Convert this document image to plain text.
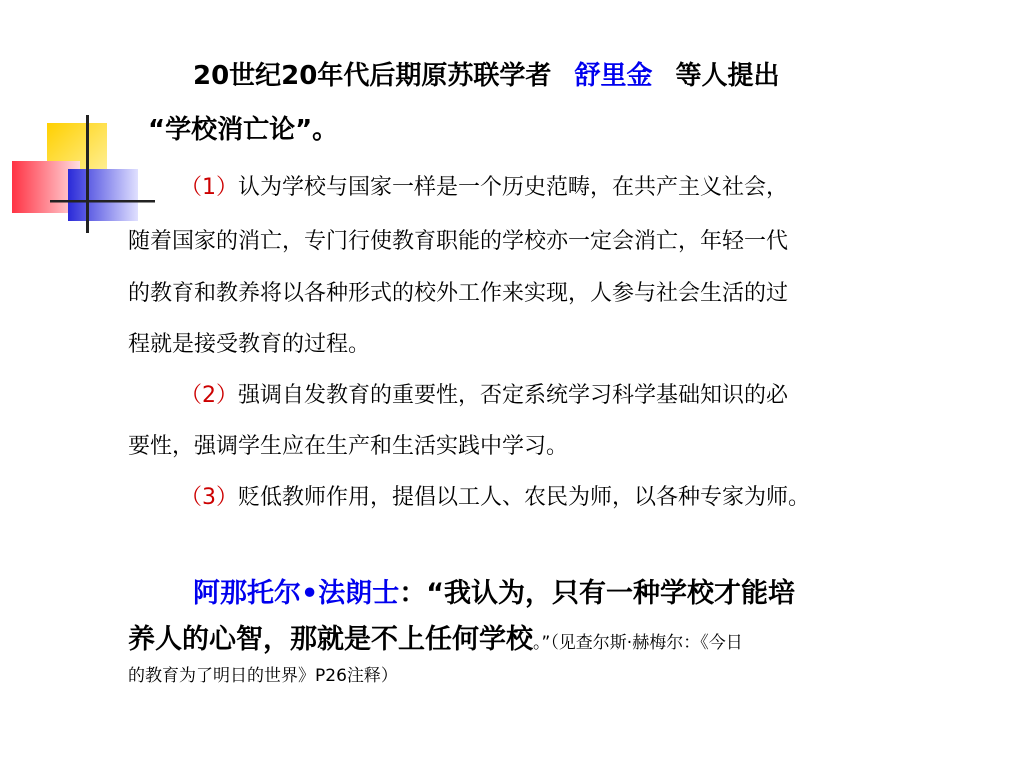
20世纪20年代后期原苏联学者 舒里金 等人提出
“学校消亡论”。
（1）认为学校与国家一样是一个历史范畴，在共产主义社会，
随着国家的消亡，专门行使教育职能的学校亦一定会消亡，年轻一代
的教育和教养将以各种形式的校外工作来实现，人参与社会生活的过
程就是接受教育的过程。
（2）强调自发教育的重要性，否定系统学习科学基础知识的必
要性，强调学生应在生产和生活实践中学习。
（3）贬低教师作用，提倡以工人、农民为师，以各种专家为师。
阿那托尔•法朗士：“我认为，只有一种学校才能培
养人的心智，那就是不上任何学校。”（见查尔斯·赫梅尔：《今日
的教育为了明日的世界》P26注释）
